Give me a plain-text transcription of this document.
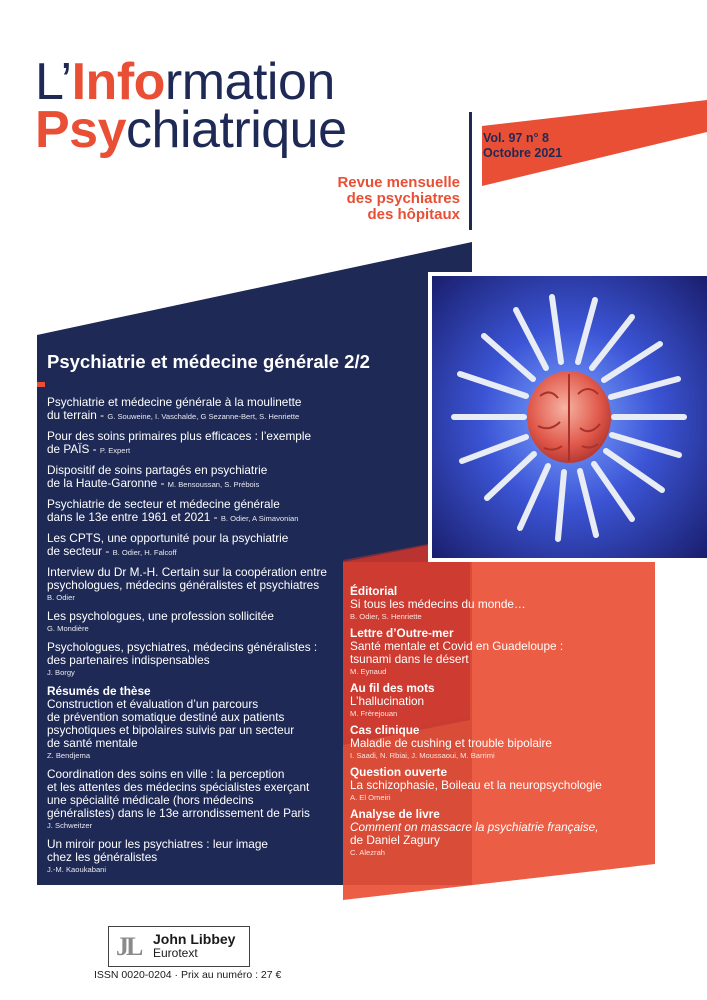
L’Information
Psychiatrique	Vol. 97 n° 8
Octobre 2021
Revue mensuelle
des psychiatres
des hôpitaux
Psychiatrie et médecine générale 2/2
Psychiatrie et médecine générale à la moulinette
du terrain - G. Souweine, I. Vaschalde, G Sezanne-Bert, S. Henriette
Pour des soins primaires plus efficaces : l’exemple
de PAÏS - P. Expert
Dispositif de soins partagés en psychiatrie
de la Haute-Garonne - M. Bensoussan, S. Prébois
Psychiatrie de secteur et médecine générale
dans le 13e entre 1961 et 2021 - B. Odier, A Simavonian
Les CPTS, une opportunité pour la psychiatrie
de secteur - B. Odier, H. Falcoff
Interview du Dr M.-H. Certain sur la coopération entre
psychologues, médecins généralistes et psychiatres
B. Odier
Les psychologues, une profession sollicitée
G. Mondière
Psychologues, psychiatres, médecins généralistes :
des partenaires indispensables
J. Borgy
Résumés de thèse
Construction et évaluation d’un parcours
de prévention somatique destiné aux patients
psychotiques et bipolaires suivis par un secteur
de santé mentale
Z. Bendjema
Coordination des soins en ville : la perception
et les attentes des médecins spécialistes exerçant
une spécialité médicale (hors médecins
généralistes) dans le 13e arrondissement de Paris
J. Schweitzer
Un miroir pour les psychiatres : leur image
chez les généralistes
J.-M. Kaoukabani
Éditorial
Si tous les médecins du monde…
B. Odier, S. Henriette
Lettre d’Outre-mer
Santé mentale et Covid en Guadeloupe :
tsunami dans le désert
M. Eynaud
Au fil des mots
L’hallucination
M. Frèrejouan
Cas clinique
Maladie de cushing et trouble bipolaire
I. Saadi, N. Rbiai, J. Moussaoui, M. Barrimi
Question ouverte
La schizophasie, Boileau et la neuropsychologie
A. El Omeiri
Analyse de livre
Comment on massacre la psychiatrie française,
de Daniel Zagury
C. Alezrah
JL John Libbey
Eurotext
ISSN 0020-0204 · Prix au numéro : 27 €
